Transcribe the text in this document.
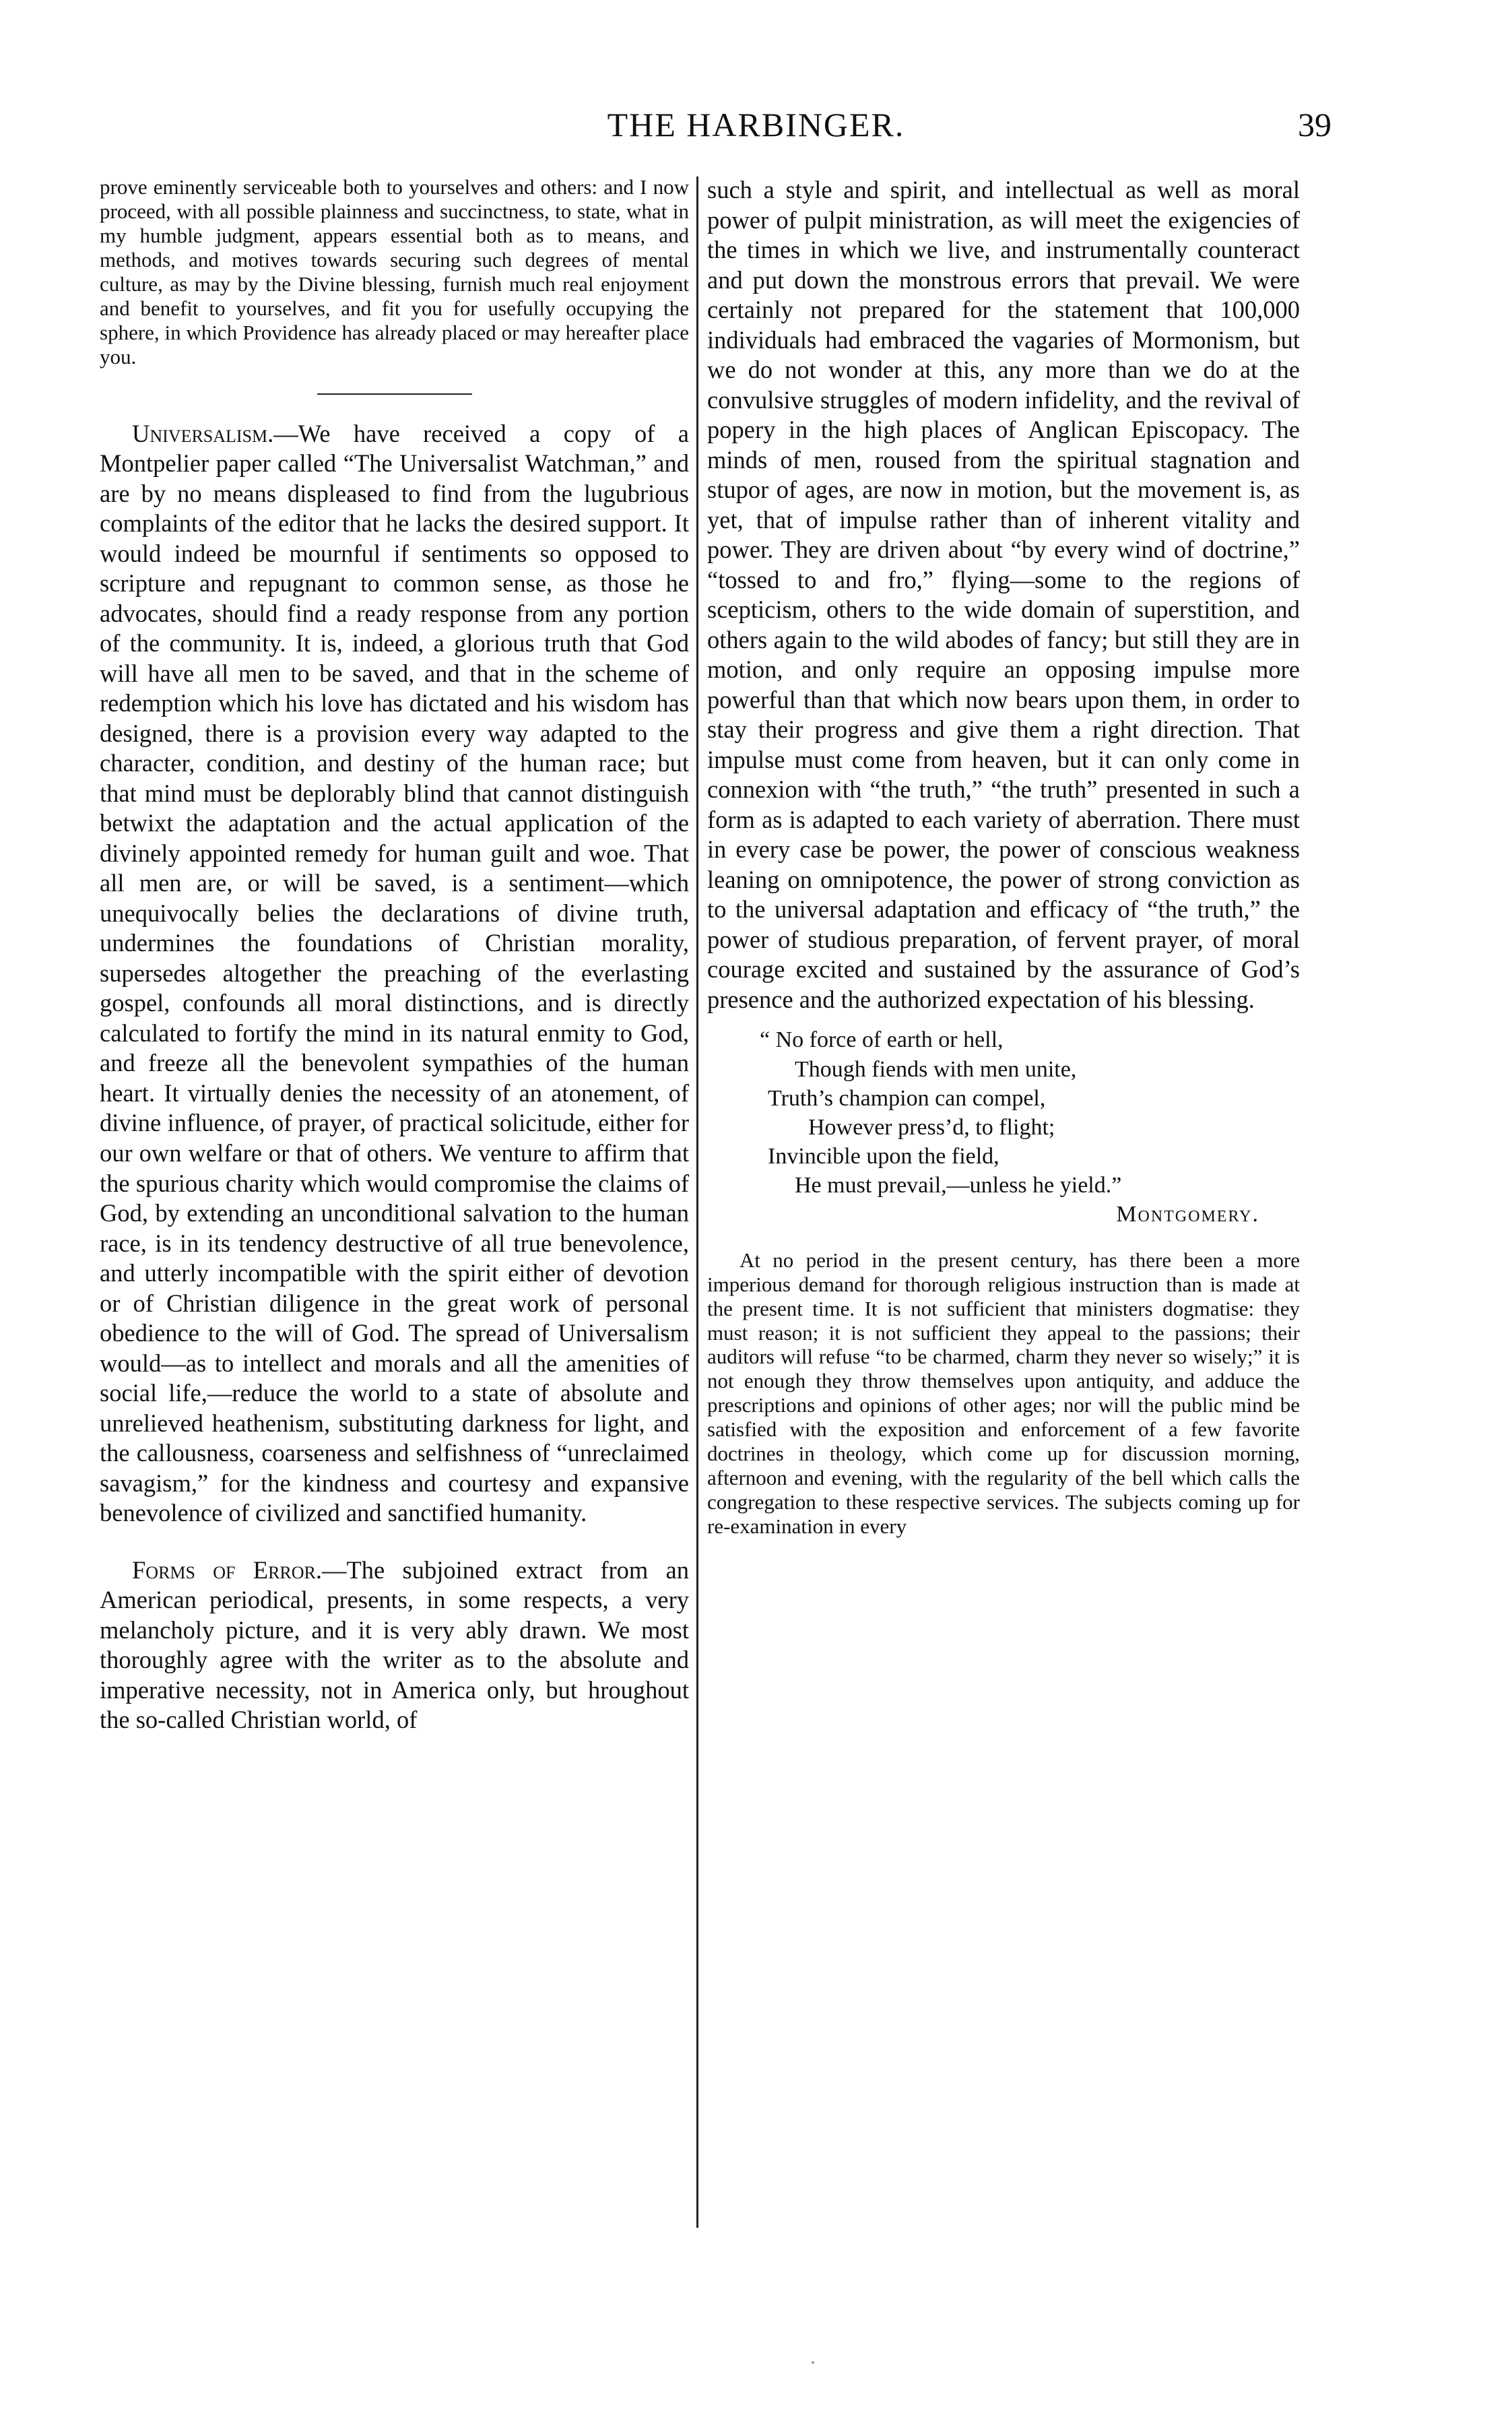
THE HARBINGER.	39

prove eminently serviceable both to yourselves and others: and I now proceed, with all possible plainness and succinctness, to state, what in my humble judgment, appears essential both as to means, and methods, and motives towards securing such degrees of mental culture, as may by the Divine blessing, furnish much real enjoyment and benefit to yourselves, and fit you for usefully occupying the sphere, in which Providence has already placed or may hereafter place you.

Universalism.—We have received a copy of a Montpelier paper called “The Universalist Watchman,” and are by no means displeased to find from the lugubrious complaints of the editor that he lacks the desired support. It would indeed be mournful if sentiments so opposed to scripture and repugnant to common sense, as those he advocates, should find a ready response from any portion of the community. It is, indeed, a glorious truth that God will have all men to be saved, and that in the scheme of redemption which his love has dictated and his wisdom has designed, there is a provision every way adapted to the character, condition, and destiny of the human race; but that mind must be deplorably blind that cannot distinguish betwixt the adaptation and the actual application of the divinely appointed remedy for human guilt and woe. That all men are, or will be saved, is a sentiment—which unequivocally belies the declarations of divine truth, undermines the foundations of Christian morality, supersedes altogether the preaching of the everlasting gospel, confounds all moral distinctions, and is directly calculated to fortify the mind in its natural enmity to God, and freeze all the benevolent sympathies of the human heart. It virtually denies the necessity of an atonement, of divine influence, of prayer, of practical solicitude, either for our own welfare or that of others. We venture to affirm that the spurious charity which would compromise the claims of God, by extending an unconditional salvation to the human race, is in its tendency destructive of all true benevolence, and utterly incompatible with the spirit either of devotion or of Christian diligence in the great work of personal obedience to the will of God. The spread of Universalism would—as to intellect and morals and all the amenities of social life,—reduce the world to a state of absolute and unrelieved heathenism, substituting darkness for light, and the callousness, coarseness and selfishness of “unreclaimed savagism,” for the kindness and courtesy and expansive benevolence of civilized and sanctified humanity.

Forms of Error.—The subjoined extract from an American periodical, presents, in some respects, a very melancholy picture, and it is very ably drawn. We most thoroughly agree with the writer as to the absolute and imperative necessity, not in America only, but hroughout the so-called Christian world, of

such a style and spirit, and intellectual as well as moral power of pulpit ministration, as will meet the exigencies of the times in which we live, and instrumentally counteract and put down the monstrous errors that prevail. We were certainly not prepared for the statement that 100,000 individuals had embraced the vagaries of Mormonism, but we do not wonder at this, any more than we do at the convulsive struggles of modern infidelity, and the revival of popery in the high places of Anglican Episcopacy. The minds of men, roused from the spiritual stagnation and stupor of ages, are now in motion, but the movement is, as yet, that of impulse rather than of inherent vitality and power. They are driven about “by every wind of doctrine,” “tossed to and fro,” flying—some to the regions of scepticism, others to the wide domain of superstition, and others again to the wild abodes of fancy; but still they are in motion, and only require an opposing impulse more powerful than that which now bears upon them, in order to stay their progress and give them a right direction. That impulse must come from heaven, but it can only come in connexion with “the truth,” “the truth” presented in such a form as is adapted to each variety of aberration. There must in every case be power, the power of conscious weakness leaning on omnipotence, the power of strong conviction as to the universal adaptation and efficacy of “the truth,” the power of studious preparation, of fervent prayer, of moral courage excited and sustained by the assurance of God’s presence and the authorized expectation of his blessing.

“ No force of earth or hell,
Though fiends with men unite,
Truth’s champion can compel,
However press’d, to flight;
Invincible upon the field,
He must prevail,—unless he yield.”
Montgomery.

At no period in the present century, has there been a more imperious demand for thorough religious instruction than is made at the present time. It is not sufficient that ministers dogmatise: they must reason; it is not sufficient they appeal to the passions; their auditors will refuse “to be charmed, charm they never so wisely;” it is not enough they throw themselves upon antiquity, and adduce the prescriptions and opinions of other ages; nor will the public mind be satisfied with the exposition and enforcement of a few favorite doctrines in theology, which come up for discussion morning, afternoon and evening, with the regularity of the bell which calls the congregation to these respective services. The subjects coming up for re-examination in every
